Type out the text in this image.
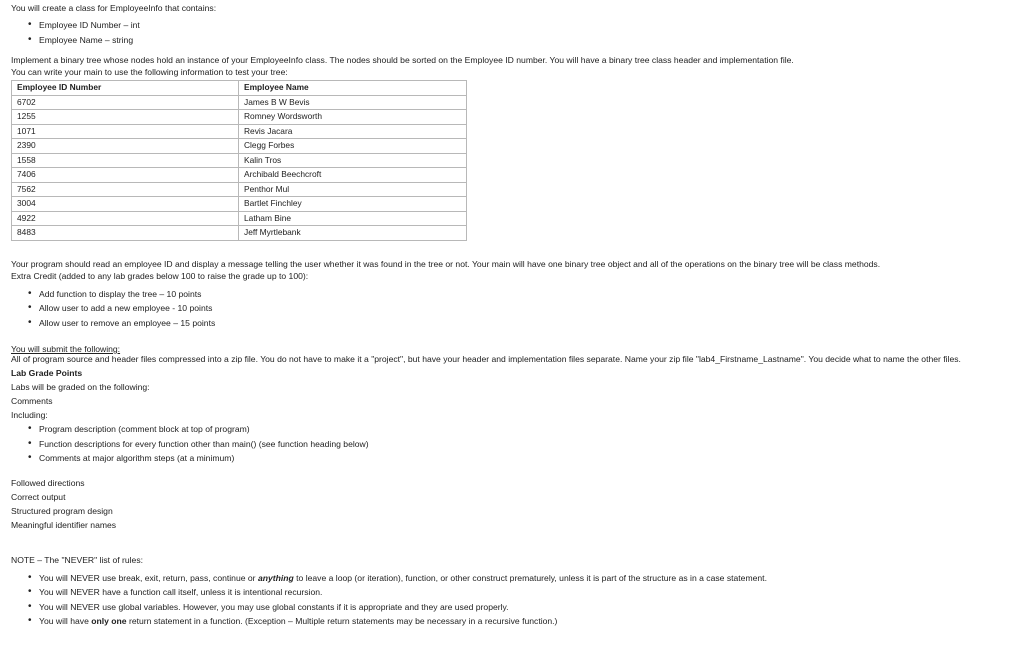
You will create a class for EmployeeInfo that contains:

• Employee ID Number – int
• Employee Name – string

Implement a binary tree whose nodes hold an instance of your EmployeeInfo class. The nodes should be sorted on the Employee ID number. You will have a binary tree class header and implementation file.

You can write your main to use the following information to test your tree:

Employee ID Number	Employee Name
6702	James B W Bevis
1255	Romney Wordsworth
1071	Revis Jacara
2390	Clegg Forbes
1558	Kalin Tros
7406	Archibald Beechcroft
7562	Penthor Mul
3004	Bartlet Finchley
4922	Latham Bine
8483	Jeff Myrtlebank

Your program should read an employee ID and display a message telling the user whether it was found in the tree or not. Your main will have one binary tree object and all of the operations on the binary tree will be class methods.

Extra Credit (added to any lab grades below 100 to raise the grade up to 100):

• Add function to display the tree – 10 points
• Allow user to add a new employee - 10 points
• Allow user to remove an employee – 15 points

You will submit the following:

All of program source and header files compressed into a zip file. You do not have to make it a "project", but have your header and implementation files separate. Name your zip file "lab4_Firstname_Lastname". You decide what to name the other files.

Lab Grade Points

Labs will be graded on the following:

Comments

Including:

• Program description (comment block at top of program)
• Function descriptions for every function other than main() (see function heading below)
• Comments at major algorithm steps (at a minimum)

Followed directions

Correct output

Structured program design

Meaningful identifier names

NOTE – The "NEVER" list of rules:

• You will NEVER use break, exit, return, pass, continue or anything to leave a loop (or iteration), function, or other construct prematurely, unless it is part of the structure as in a case statement.
• You will NEVER have a function call itself, unless it is intentional recursion.
• You will NEVER use global variables. However, you may use global constants if it is appropriate and they are used properly.
• You will have only one return statement in a function. (Exception – Multiple return statements may be necessary in a recursive function.)
